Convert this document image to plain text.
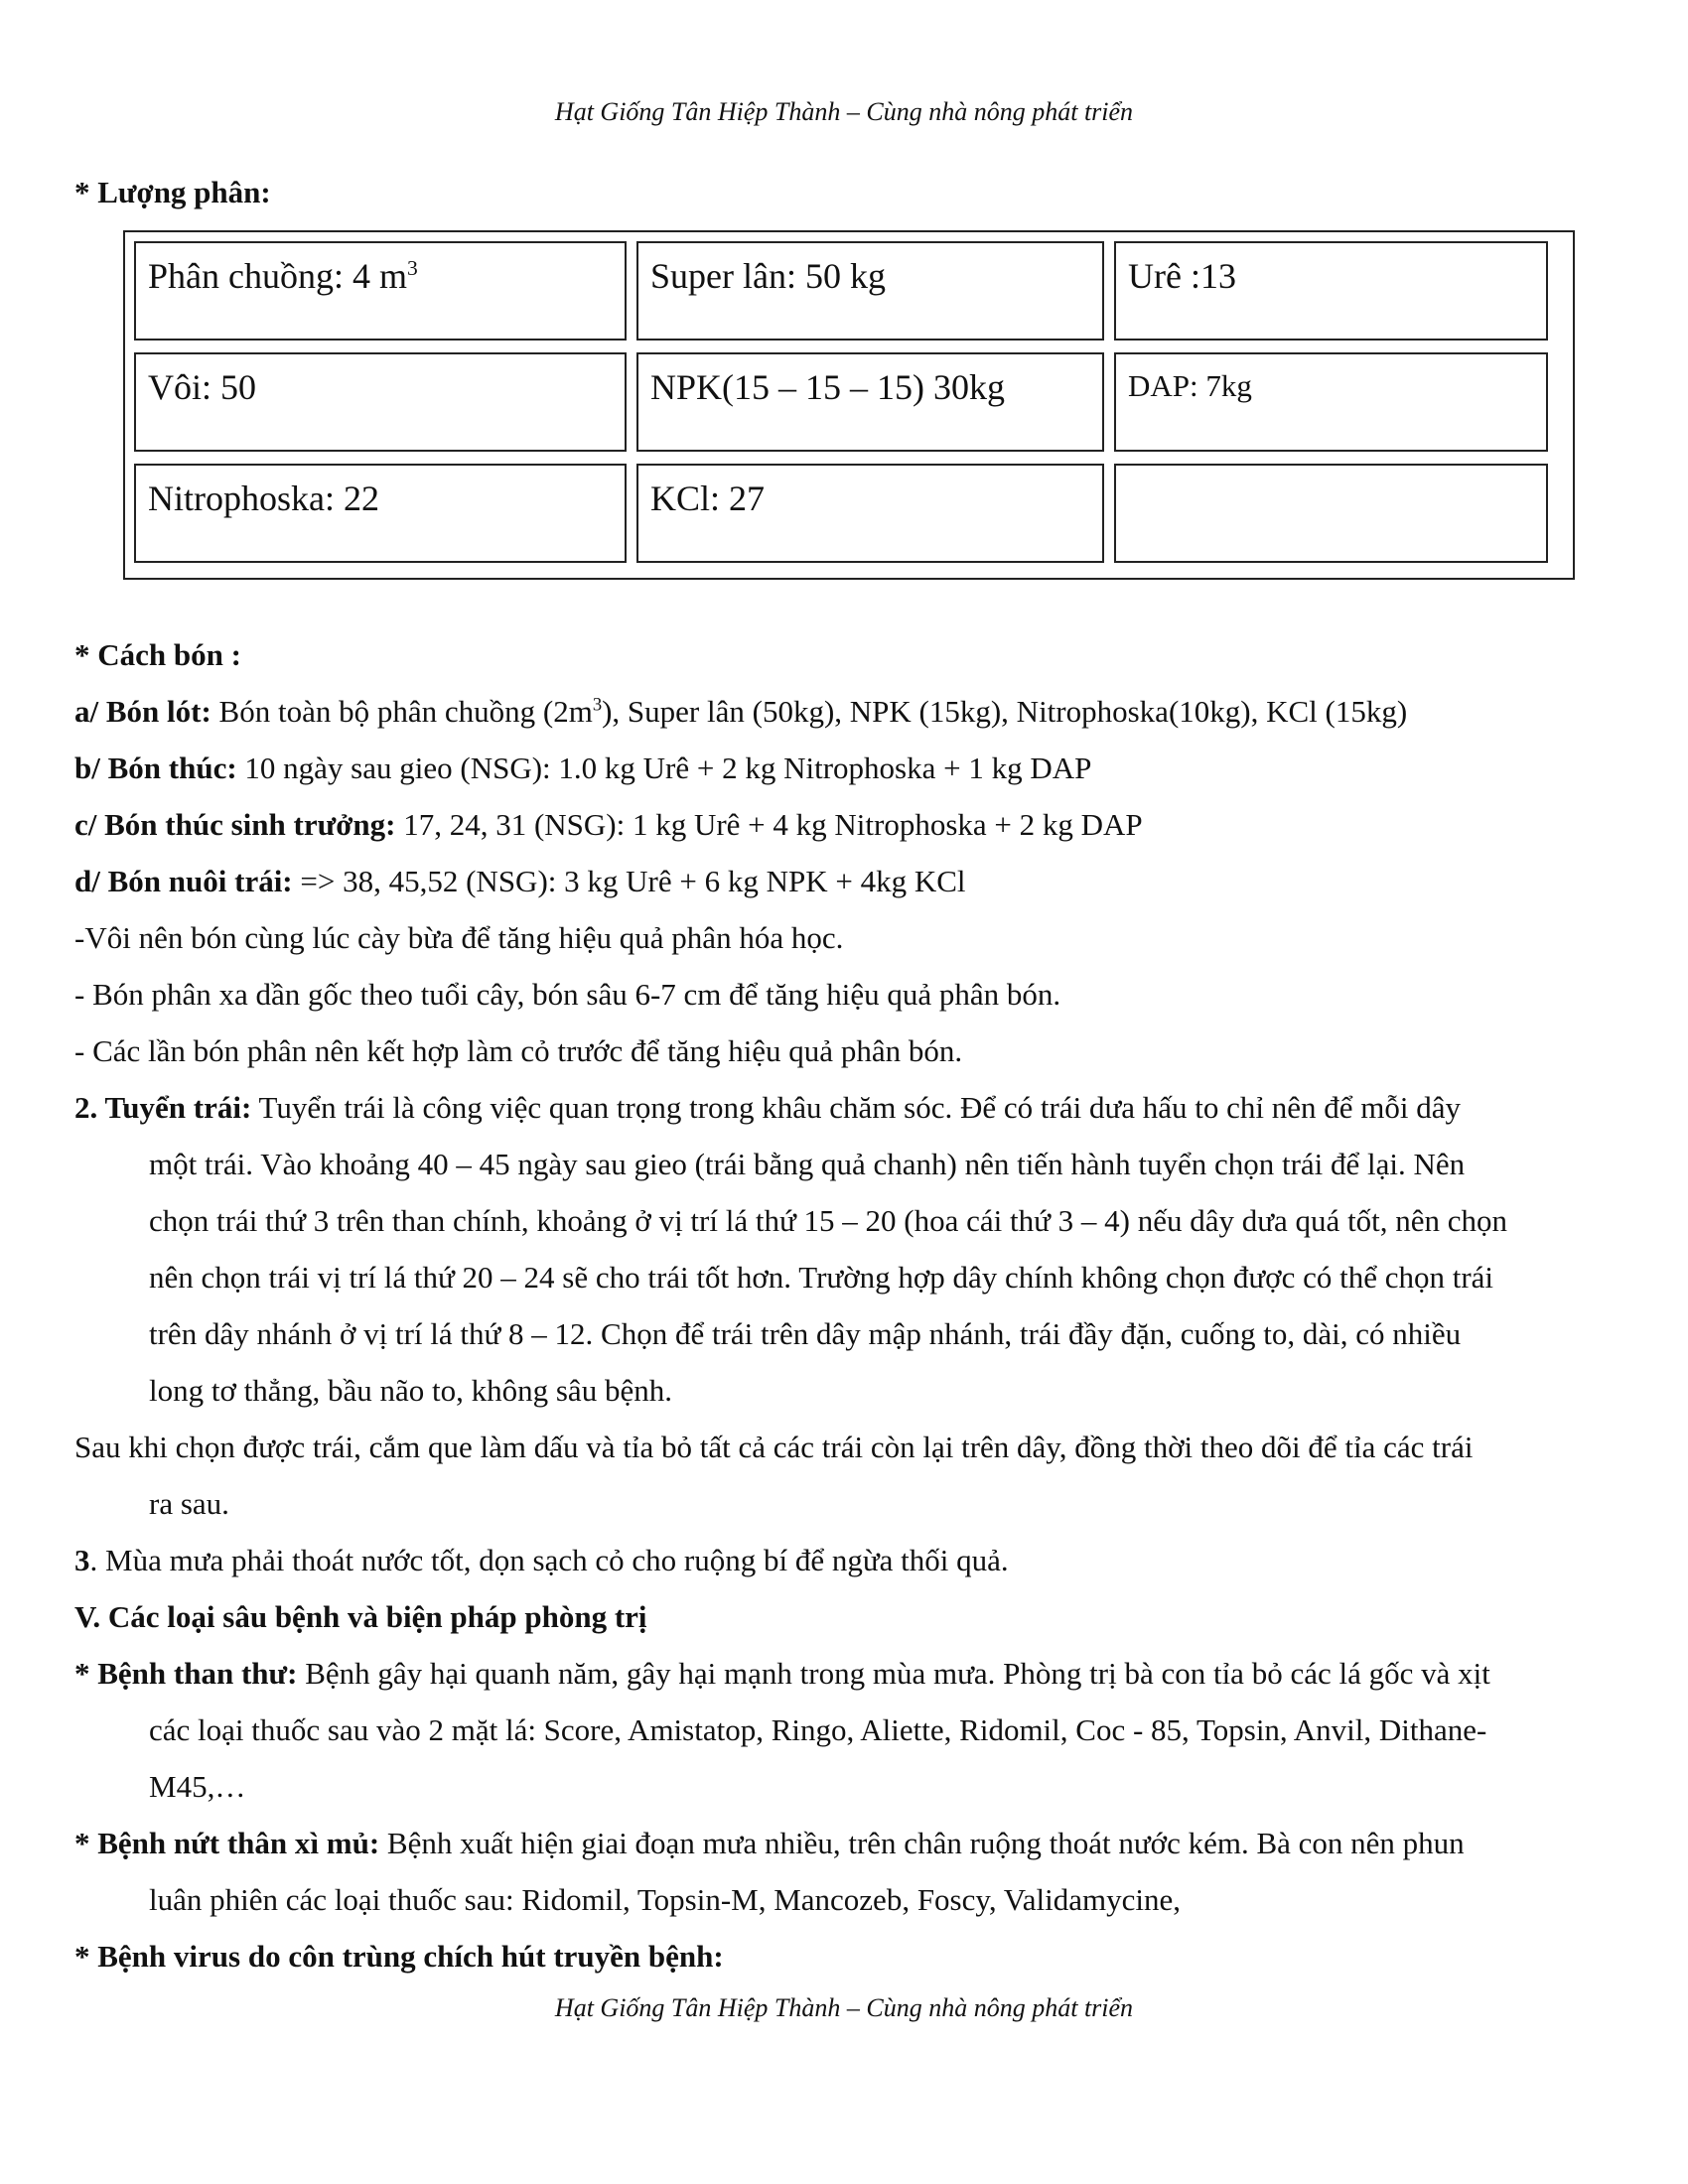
Hạt Giống Tân Hiệp Thành – Cùng nhà nông phát triển
* Lượng phân:
Phân chuồng: 4 $m^3$	Super lân: 50 kg	Urê :13
Vôi: 50	NPK(15 – 15 – 15) 30kg	DAP: 7kg
Nitrophoska: 22	KCl: 27
* Cách bón :
a/ Bón lót: Bón toàn bộ phân chuồng $(2m^3)$, Super lân (50kg), NPK (15kg), Nitrophoska(10kg), KCl (15kg)
b/ Bón thúc: 10 ngày sau gieo (NSG): 1.0 kg Urê + 2 kg Nitrophoska + 1 kg DAP
c/ Bón thúc sinh trưởng: 17, 24, 31 (NSG): 1 kg Urê + 4 kg Nitrophoska + 2 kg DAP
d/ Bón nuôi trái: => 38, 45,52 (NSG): 3 kg Urê + 6 kg NPK + 4kg KCl
-Vôi nên bón cùng lúc cày bừa để tăng hiệu quả phân hóa học.
- Bón phân xa dần gốc theo tuổi cây, bón sâu 6-7 cm để tăng hiệu quả phân bón.
- Các lần bón phân nên kết hợp làm cỏ trước để tăng hiệu quả phân bón.
2. Tuyển trái: Tuyển trái là công việc quan trọng trong khâu chăm sóc. Để có trái dưa hấu to chỉ nên để mỗi dây
một trái. Vào khoảng 40 – 45 ngày sau gieo (trái bằng quả chanh) nên tiến hành tuyển chọn trái để lại. Nên
chọn trái thứ 3 trên than chính, khoảng ở vị trí lá thứ 15 – 20 (hoa cái thứ 3 – 4) nếu dây dưa quá tốt, nên chọn
nên chọn trái vị trí lá thứ 20 – 24 sẽ cho trái tốt hơn. Trường hợp dây chính không chọn được có thể chọn trái
trên dây nhánh ở vị trí lá thứ 8 – 12. Chọn để trái trên dây mập nhánh, trái đầy đặn, cuống to, dài, có nhiều
long tơ thẳng, bầu não to, không sâu bệnh.
Sau khi chọn được trái, cắm que làm dấu và tỉa bỏ tất cả các trái còn lại trên dây, đồng thời theo dõi để tỉa các trái
ra sau.
3. Mùa mưa phải thoát nước tốt, dọn sạch cỏ cho ruộng bí để ngừa thối quả.
V. Các loại sâu bệnh và biện pháp phòng trị
* Bệnh than thư: Bệnh gây hại quanh năm, gây hại mạnh trong mùa mưa. Phòng trị bà con tỉa bỏ các lá gốc và xịt
các loại thuốc sau vào 2 mặt lá: Score, Amistatop, Ringo, Aliette, Ridomil, Coc - 85, Topsin, Anvil, Dithane-
M45,…
* Bệnh nứt thân xì mủ: Bệnh xuất hiện giai đoạn mưa nhiều, trên chân ruộng thoát nước kém. Bà con nên phun
luân phiên các loại thuốc sau: Ridomil, Topsin-M, Mancozeb, Foscy, Validamycine,
* Bệnh virus do côn trùng chích hút truyền bệnh:
Hạt Giống Tân Hiệp Thành – Cùng nhà nông phát triển
